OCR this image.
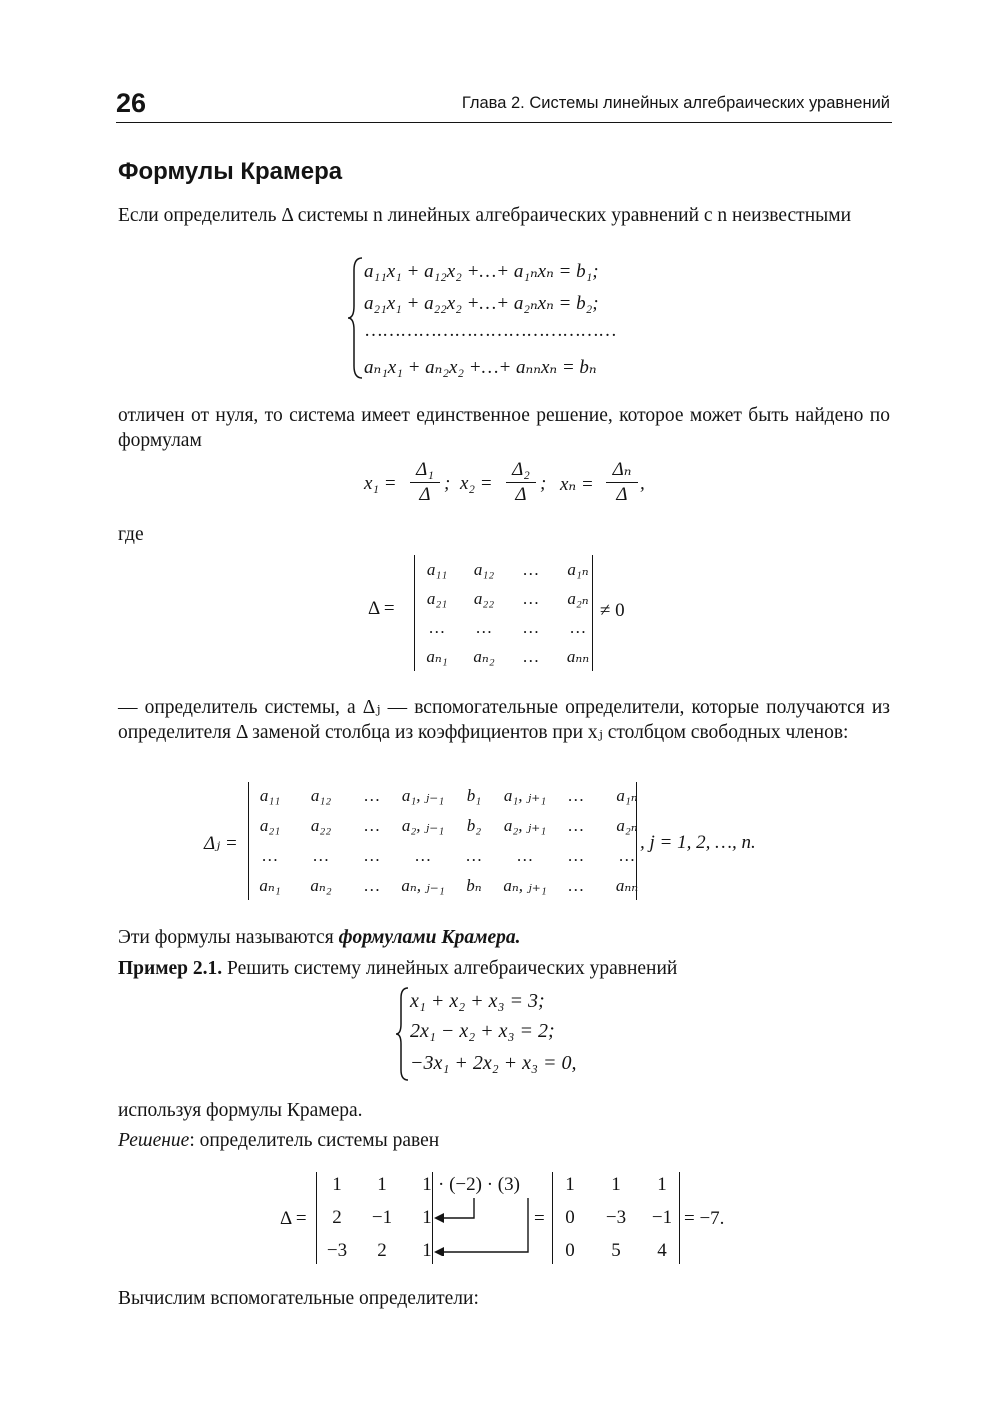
26	Глава 2. Системы линейных алгебраических уравнений
Формулы Крамера
Если определитель Δ системы n линейных алгебраических уравнений с n неизвестными
a₁₁x₁ + a₁₂x₂ +…+ a₁ₙxₙ = b₁;
a₂₁x₁ + a₂₂x₂ +…+ a₂ₙxₙ = b₂;
……………………………………
aₙ₁x₁ + aₙ₂x₂ +…+ aₙₙxₙ = bₙ
отличен от нуля, то система имеет единственное решение, которое может быть найдено по формулам
$x_1 = \frac{\text{Δ₁}}{\Delta}$ ; $x_2 = \frac{\text{Δ₂}}{\Delta}$ ; $x_n = \frac{\text{Δₙ}}{\Delta}$ ,
где
Δ =
a₁₁	a₁₂	…	a₁ₙ
a₂₁	a₂₂	…	a₂ₙ
…	…	…	…
aₙ₁	aₙ₂	…	aₙₙ
≠ 0
— определитель системы, а Δⱼ — вспомогательные определители, которые получаются из определителя Δ заменой столбца из коэффициентов при xⱼ столбцом свободных членов:
Δⱼ =
a₁₁	a₁₂	…	a₁, ⱼ₋₁	b₁	a₁, ⱼ₊₁	…	a₁ₙ
a₂₁	a₂₂	…	a₂, ⱼ₋₁	b₂	a₂, ⱼ₊₁	…	a₂ₙ
…	…	…	…	…	…	…	…
aₙ₁	aₙ₂	…	aₙ, ⱼ₋₁	bₙ	aₙ, ⱼ₊₁	…	aₙₙ
, j = 1, 2, …, n.
Эти формулы называются формулами Крамера.
Пример 2.1. Решить систему линейных алгебраических уравнений
x₁ + x₂ + x₃ = 3;
2x₁ − x₂ + x₃ = 2;
−3x₁ + 2x₂ + x₃ = 0,
используя формулы Крамера.
Решение: определитель системы равен
Δ =
1	1	1
2	−1	1
−3	2	1
· (−2) · (3)
=
1	1	1
0	−3	−1
0	5	4
= −7.
Вычислим вспомогательные определители:
